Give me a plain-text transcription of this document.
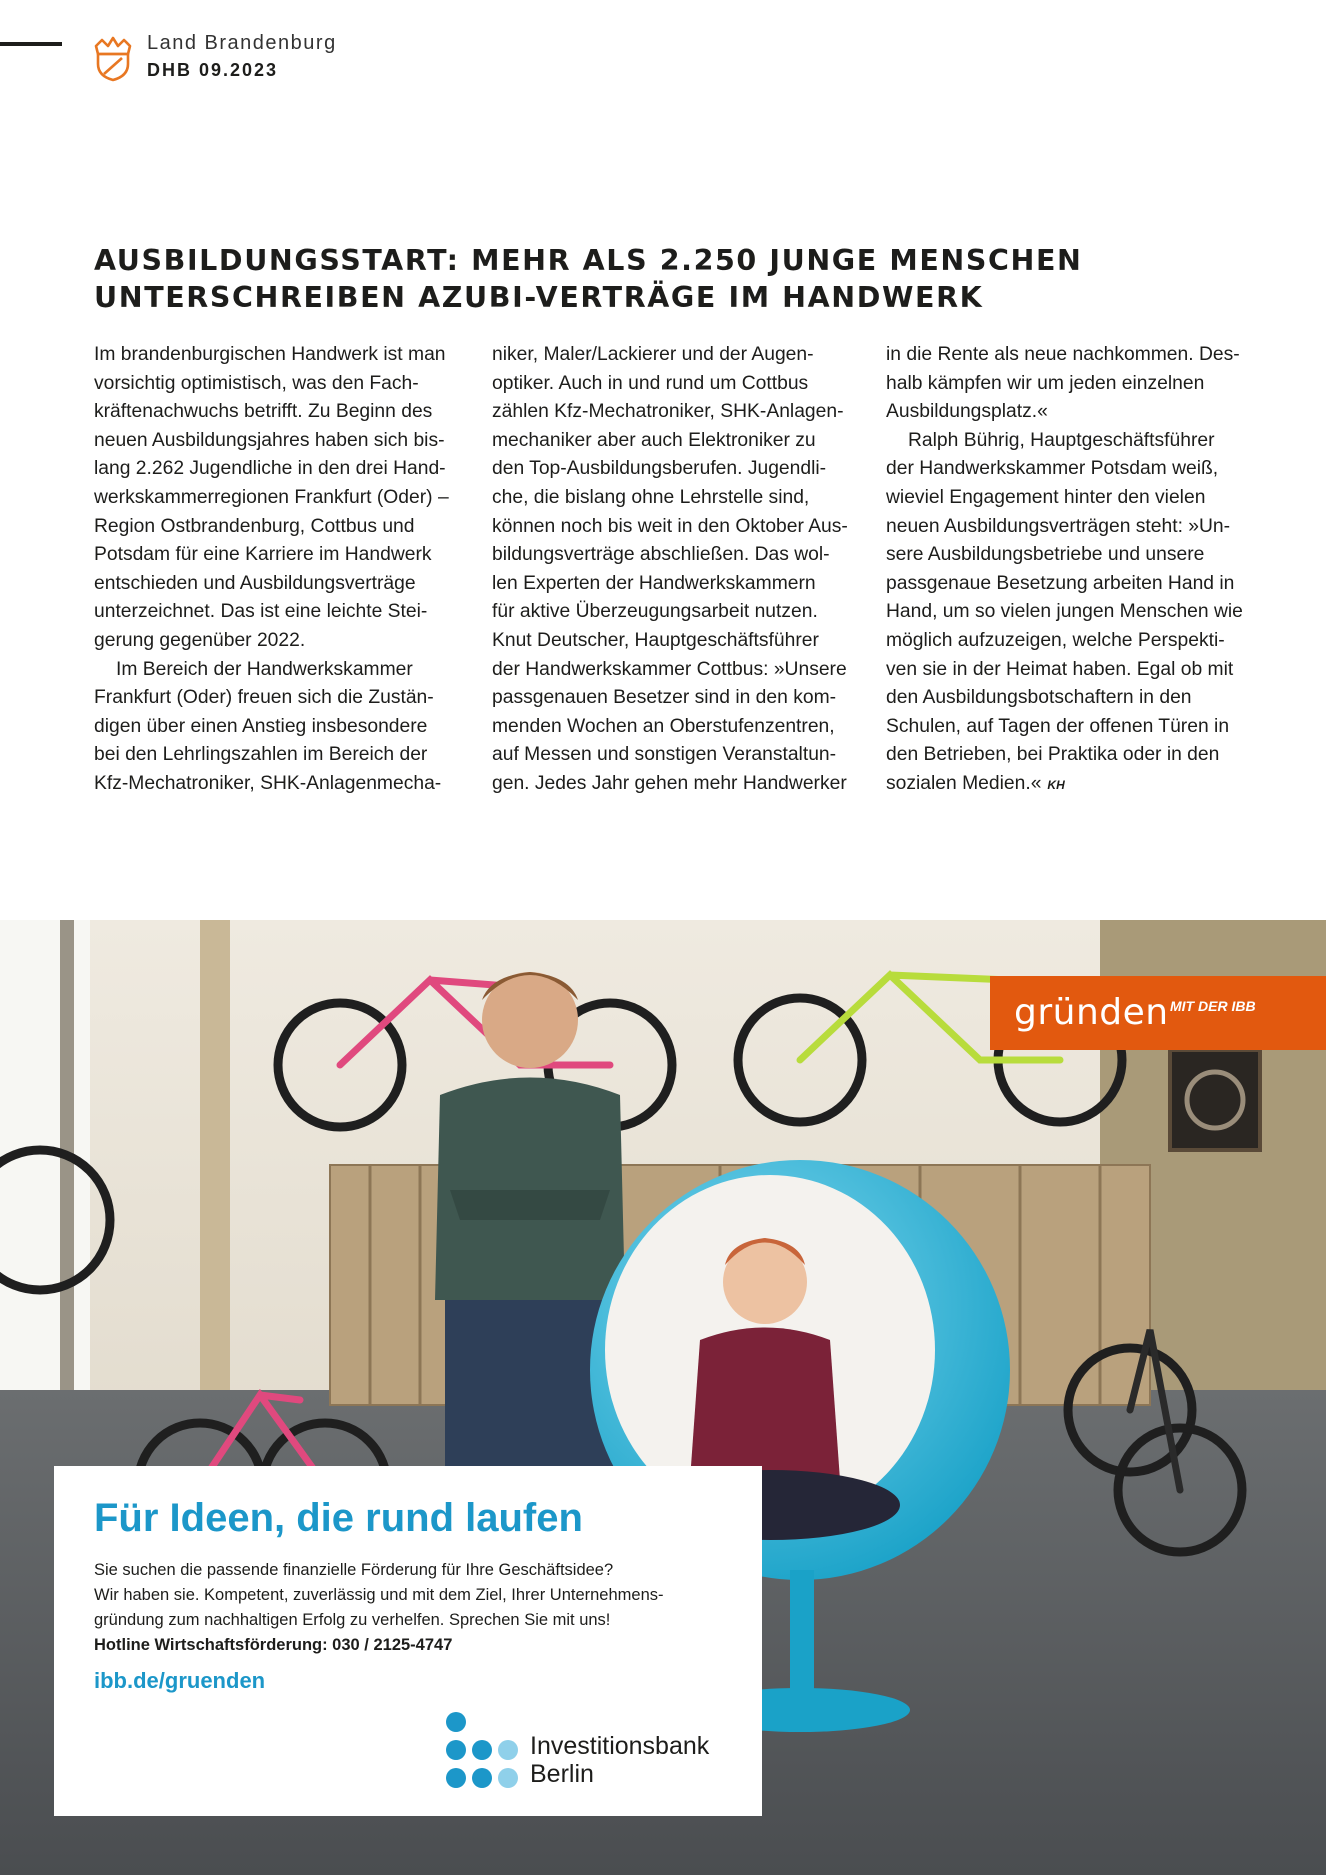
Land Brandenburg
DHB 09.2023
AUSBILDUNGSSTART: MEHR ALS 2.250 JUNGE MENSCHEN
UNTERSCHREIBEN AZUBI-VERTRÄGE IM HANDWERK
Im brandenburgischen Handwerk ist man
vorsichtig optimistisch, was den Fach-
kräftenachwuchs betrifft. Zu Beginn des
neuen Ausbildungsjahres haben sich bis-
lang 2.262 Jugendliche in den drei Hand-
werkskammerregionen Frankfurt (Oder) –
Region Ostbrandenburg, Cottbus und
Potsdam für eine Karriere im Handwerk
entschieden und Ausbildungsverträge
unterzeichnet. Das ist eine leichte Stei-
gerung gegenüber 2022.
Im Bereich der Handwerkskammer
Frankfurt (Oder) freuen sich die Zustän-
digen über einen Anstieg insbesondere
bei den Lehrlingszahlen im Bereich der
Kfz-Mechatroniker, SHK-Anlagenmecha-
niker, Maler/Lackierer und der Augen-
optiker. Auch in und rund um Cottbus
zählen Kfz-Mechatroniker, SHK-Anlagen-
mechaniker aber auch Elektroniker zu
den Top-Ausbildungsberufen. Jugendli-
che, die bislang ohne Lehrstelle sind,
können noch bis weit in den Oktober Aus-
bildungsverträge abschließen. Das wol-
len Experten der Handwerkskammern
für aktive Überzeugungsarbeit nutzen.
Knut Deutscher, Hauptgeschäftsführer
der Handwerkskammer Cottbus: »Unsere
passgenauen Besetzer sind in den kom-
menden Wochen an Oberstufenzentren,
auf Messen und sonstigen Veranstaltun-
gen. Jedes Jahr gehen mehr Handwerker
in die Rente als neue nachkommen. Des-
halb kämpfen wir um jeden einzelnen
Ausbildungsplatz.«
Ralph Bührig, Hauptgeschäftsführer
der Handwerkskammer Potsdam weiß,
wieviel Engagement hinter den vielen
neuen Ausbildungsverträgen steht: »Un-
sere Ausbildungsbetriebe und unsere
passgenaue Besetzung arbeiten Hand in
Hand, um so vielen jungen Menschen wie
möglich aufzuzeigen, welche Perspekti-
ven sie in der Heimat haben. Egal ob mit
den Ausbildungsbotschaftern in den
Schulen, auf Tagen der offenen Türen in
den Betrieben, bei Praktika oder in den
sozialen Medien.« KH
gründen MIT DER IBB
Für Ideen, die rund laufen
Sie suchen die passende finanzielle Förderung für Ihre Geschäftsidee?
Wir haben sie. Kompetent, zuverlässig und mit dem Ziel, Ihrer Unternehmens-
gründung zum nachhaltigen Erfolg zu verhelfen. Sprechen Sie mit uns!
Hotline Wirtschaftsförderung: 030 / 2125-4747
ibb.de/gruenden
Investitionsbank
Berlin
